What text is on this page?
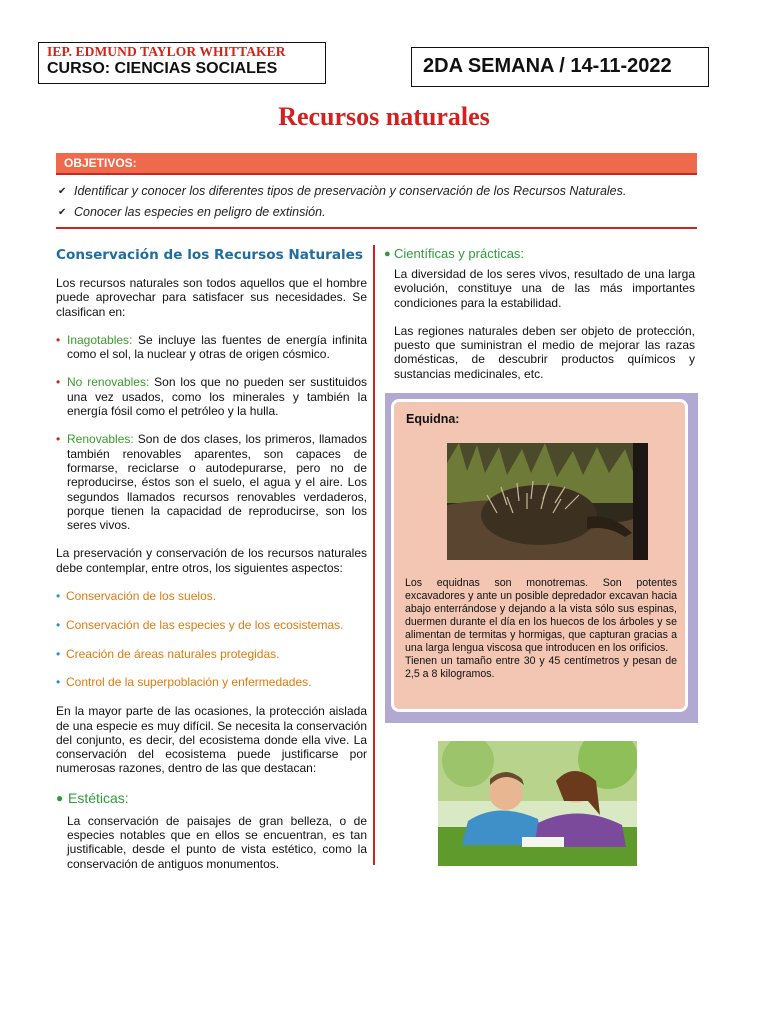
IEP. EDMUND TAYLOR WHITTAKER
CURSO: CIENCIAS SOCIALES	2DA SEMANA / 14-11-2022
Recursos naturales
OBJETIVOS:
✔ Identificar y conocer los diferentes tipos de preservaciòn y conservación de los Recursos Naturales.
✔ Conocer las especies en peligro de extinsión.
Conservación de los Recursos Naturales

Los recursos naturales son todos aquellos que el hombre puede aprovechar para satisfacer sus necesidades. Se clasifican en:

• Inagotables: Se incluye las fuentes de energía infinita como el sol, la nuclear y otras de origen cósmico.
• No renovables: Son los que no pueden ser sustituidos una vez usados, como los minerales y también la energía fósil como el petróleo y la hulla.
• Renovables: Son de dos clases, los primeros, llamados también renovables aparentes, son capaces de formarse, reciclarse o autodepurarse, pero no de reproducirse, éstos son el suelo, el agua y el aire. Los segundos llamados recursos renovables verdaderos, porque tienen la capacidad de reproducirse, son los seres vivos.

La preservación y conservación de los recursos naturales debe contemplar, entre otros, los siguientes aspectos:

• Conservación de los suelos.
• Conservación de las especies y de los ecosistemas.
• Creación de áreas naturales protegidas.
• Control de la superpoblación y enfermedades.

En la mayor parte de las ocasiones, la protección aislada de una especie es muy difícil. Se necesita la conservación del conjunto, es decir, del ecosistema donde ella vive. La conservación del ecosistema puede justificarse por numerosas razones, dentro de las que destacan:

● Estéticas:

La conservación de paisajes de gran belleza, o de especies notables que en ellos se encuentran, es tan justificable, desde el punto de vista estético, como la conservación de antiguos monumentos.

● Científicas y prácticas:

La diversidad de los seres vivos, resultado de una larga evolución, constituye una de las más importantes condiciones para la estabilidad.

Las regiones naturales deben ser objeto de protección, puesto que suministran el medio de mejorar las razas domésticas, de descubrir productos químicos y sustancias medicinales, etc.

Equidna:
Los equidnas son monotremas. Son potentes excavadores y ante un posible depredador excavan hacia abajo enterrándose y dejando a la vista sólo sus espinas, duermen durante el día en los huecos de los árboles y se alimentan de termitas y hormigas, que capturan gracias a una larga lengua viscosa que introducen en los orificios.
Tienen un tamaño entre 30 y 45 centímetros y pesan de 2,5 a 8 kilogramos.
